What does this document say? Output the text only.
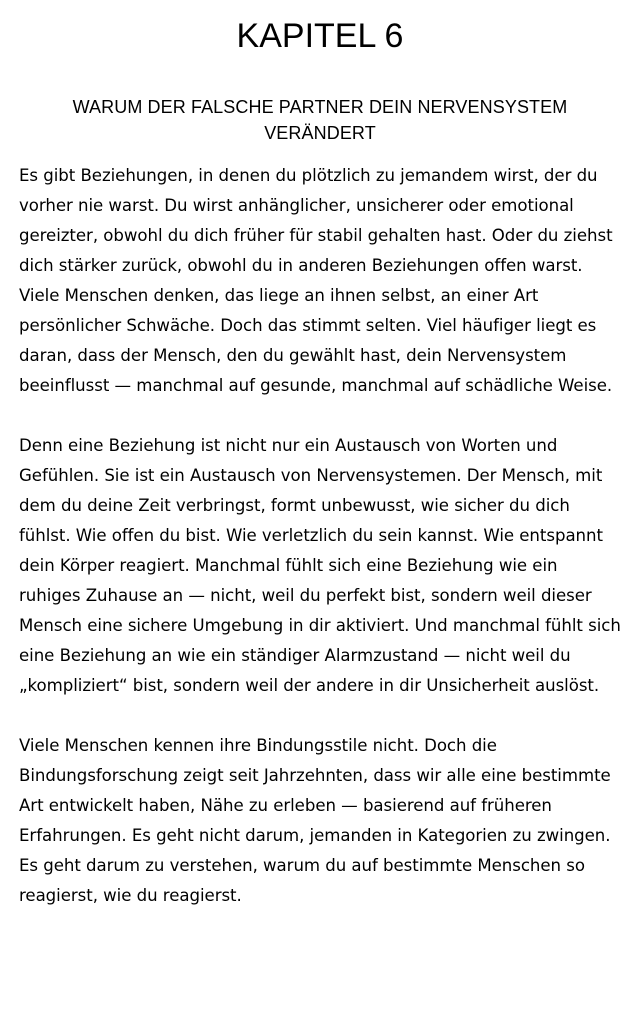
KAPITEL 6
WARUM DER FALSCHE PARTNER DEIN NERVENSYSTEM VERÄNDERT

Es gibt Beziehungen, in denen du plötzlich zu jemandem wirst, der du vorher nie warst. Du wirst anhänglicher, unsicherer oder emotional gereizter, obwohl du dich früher für stabil gehalten hast. Oder du ziehst dich stärker zurück, obwohl du in anderen Beziehungen offen warst. Viele Menschen denken, das liege an ihnen selbst, an einer Art persönlicher Schwäche. Doch das stimmt selten. Viel häufiger liegt es daran, dass der Mensch, den du gewählt hast, dein Nervensystem beeinflusst — manchmal auf gesunde, manchmal auf schädliche Weise.

Denn eine Beziehung ist nicht nur ein Austausch von Worten und Gefühlen. Sie ist ein Austausch von Nervensystemen. Der Mensch, mit dem du deine Zeit verbringst, formt unbewusst, wie sicher du dich fühlst. Wie offen du bist. Wie verletzlich du sein kannst. Wie entspannt dein Körper reagiert. Manchmal fühlt sich eine Beziehung wie ein ruhiges Zuhause an — nicht, weil du perfekt bist, sondern weil dieser Mensch eine sichere Umgebung in dir aktiviert. Und manchmal fühlt sich eine Beziehung an wie ein ständiger Alarmzustand — nicht weil du „kompliziert“ bist, sondern weil der andere in dir Unsicherheit auslöst.

Viele Menschen kennen ihre Bindungsstile nicht. Doch die Bindungsforschung zeigt seit Jahrzehnten, dass wir alle eine bestimmte Art entwickelt haben, Nähe zu erleben — basierend auf früheren Erfahrungen. Es geht nicht darum, jemanden in Kategorien zu zwingen. Es geht darum zu verstehen, warum du auf bestimmte Menschen so reagierst, wie du reagierst.
